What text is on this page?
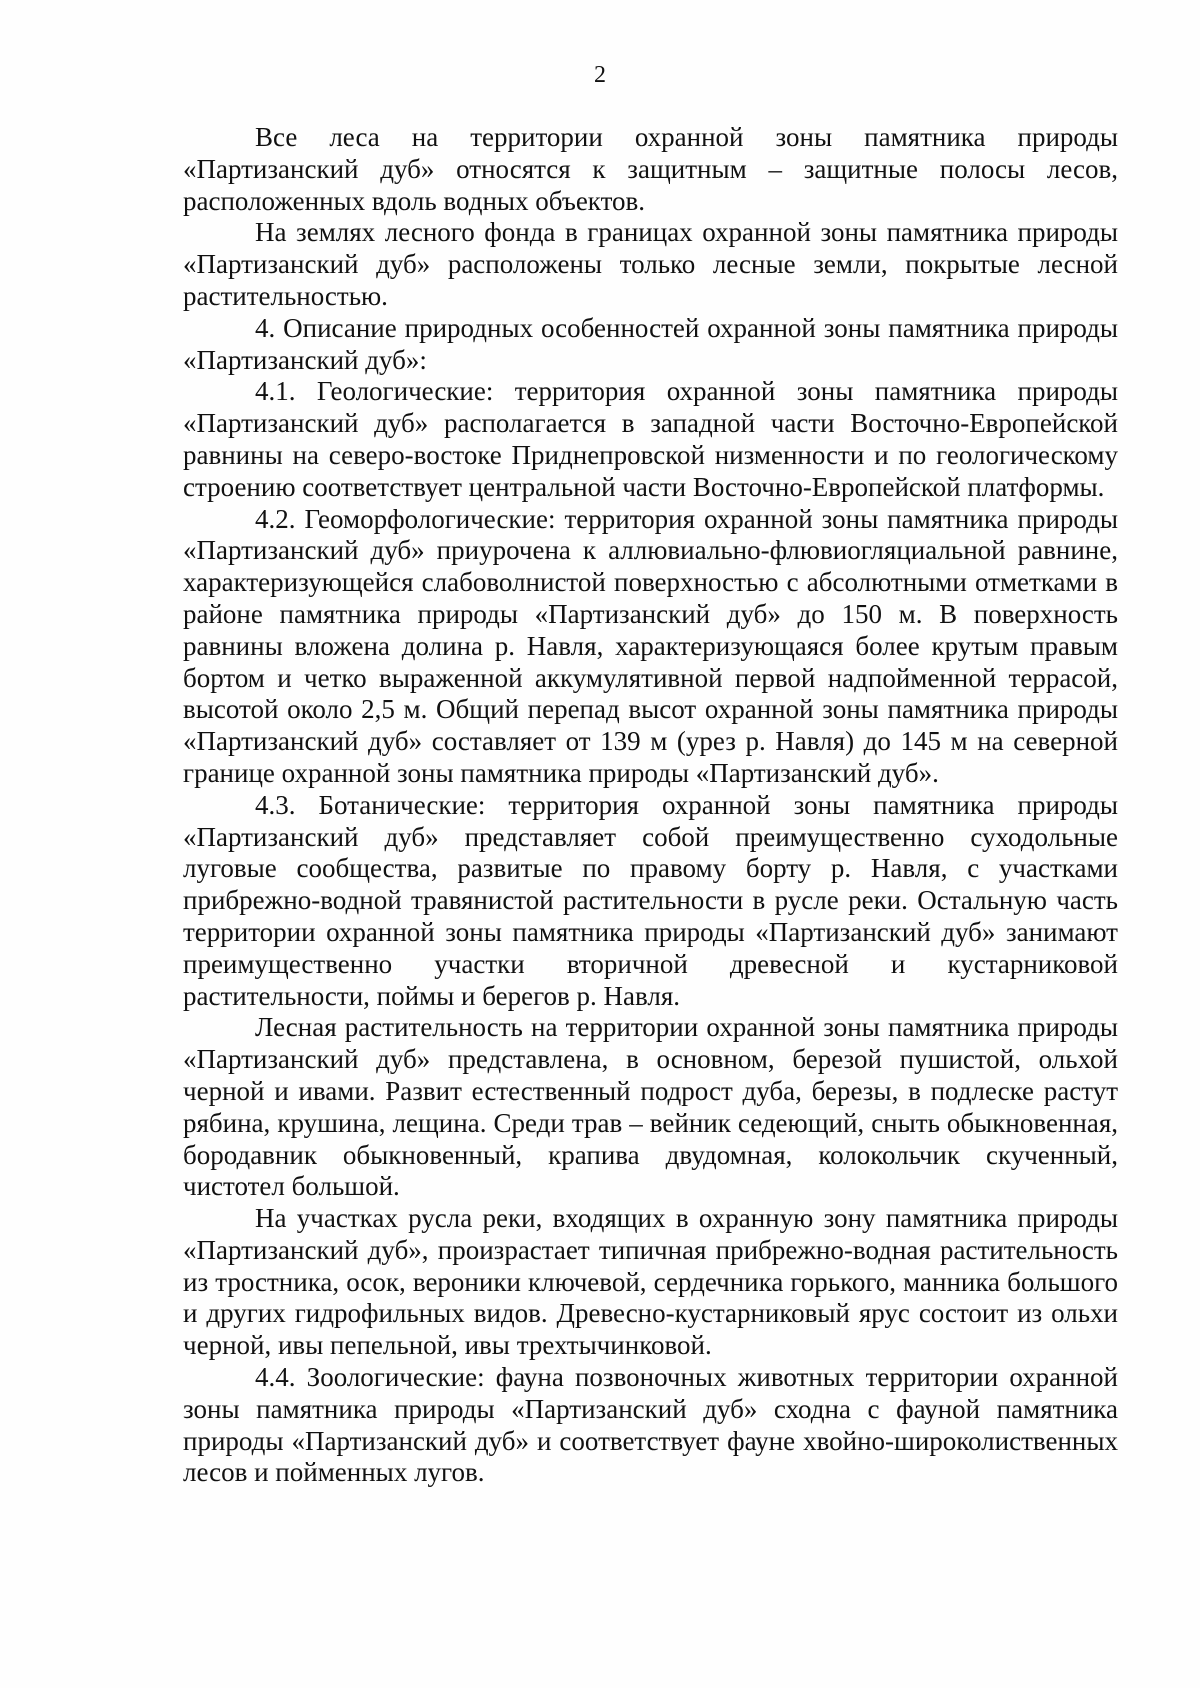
2

Все леса на территории охранной зоны памятника природы «Партизанский дуб» относятся к защитным – защитные полосы лесов, расположенных вдоль водных объектов.

На землях лесного фонда в границах охранной зоны памятника природы «Партизанский дуб» расположены только лесные земли, покрытые лесной растительностью.

4. Описание природных особенностей охранной зоны памятника природы «Партизанский дуб»:

4.1. Геологические: территория охранной зоны памятника природы «Партизанский дуб» располагается в западной части Восточно-Европейской равнины на северо-востоке Приднепровской низменности и по геологическому строению соответствует центральной части Восточно-Европейской платформы.

4.2. Геоморфологические: территория охранной зоны памятника природы «Партизанский дуб» приурочена к аллювиально-флювиогляциальной равнине, характеризующейся слабоволнистой поверхностью с абсолютными отметками в районе памятника природы «Партизанский дуб» до 150 м. В поверхность равнины вложена долина р. Навля, характеризующаяся более крутым правым бортом и четко выраженной аккумулятивной первой надпойменной террасой, высотой около 2,5 м. Общий перепад высот охранной зоны памятника природы «Партизанский дуб» составляет от 139 м (урез р. Навля) до 145 м на северной границе охранной зоны памятника природы «Партизанский дуб».

4.3. Ботанические: территория охранной зоны памятника природы «Партизанский дуб» представляет собой преимущественно суходольные луговые сообщества, развитые по правому борту р. Навля, с участками прибрежно-водной травянистой растительности в русле реки. Остальную часть территории охранной зоны памятника природы «Партизанский дуб» занимают преимущественно участки вторичной древесной и кустарниковой растительности, поймы и берегов р. Навля.

Лесная растительность на территории охранной зоны памятника природы «Партизанский дуб» представлена, в основном, березой пушистой, ольхой черной и ивами. Развит естественный подрост дуба, березы, в подлеске растут рябина, крушина, лещина. Среди трав – вейник седеющий, сныть обыкновенная, бородавник обыкновенный, крапива двудомная, колокольчик скученный, чистотел большой.

На участках русла реки, входящих в охранную зону памятника природы «Партизанский дуб», произрастает типичная прибрежно-водная растительность из тростника, осок, вероники ключевой, сердечника горького, манника большого и других гидрофильных видов. Древесно-кустарниковый ярус состоит из ольхи черной, ивы пепельной, ивы трехтычинковой.

4.4. Зоологические: фауна позвоночных животных территории охранной зоны памятника природы «Партизанский дуб» сходна с фауной памятника природы «Партизанский дуб» и соответствует фауне хвойно-широколиственных лесов и пойменных лугов.
